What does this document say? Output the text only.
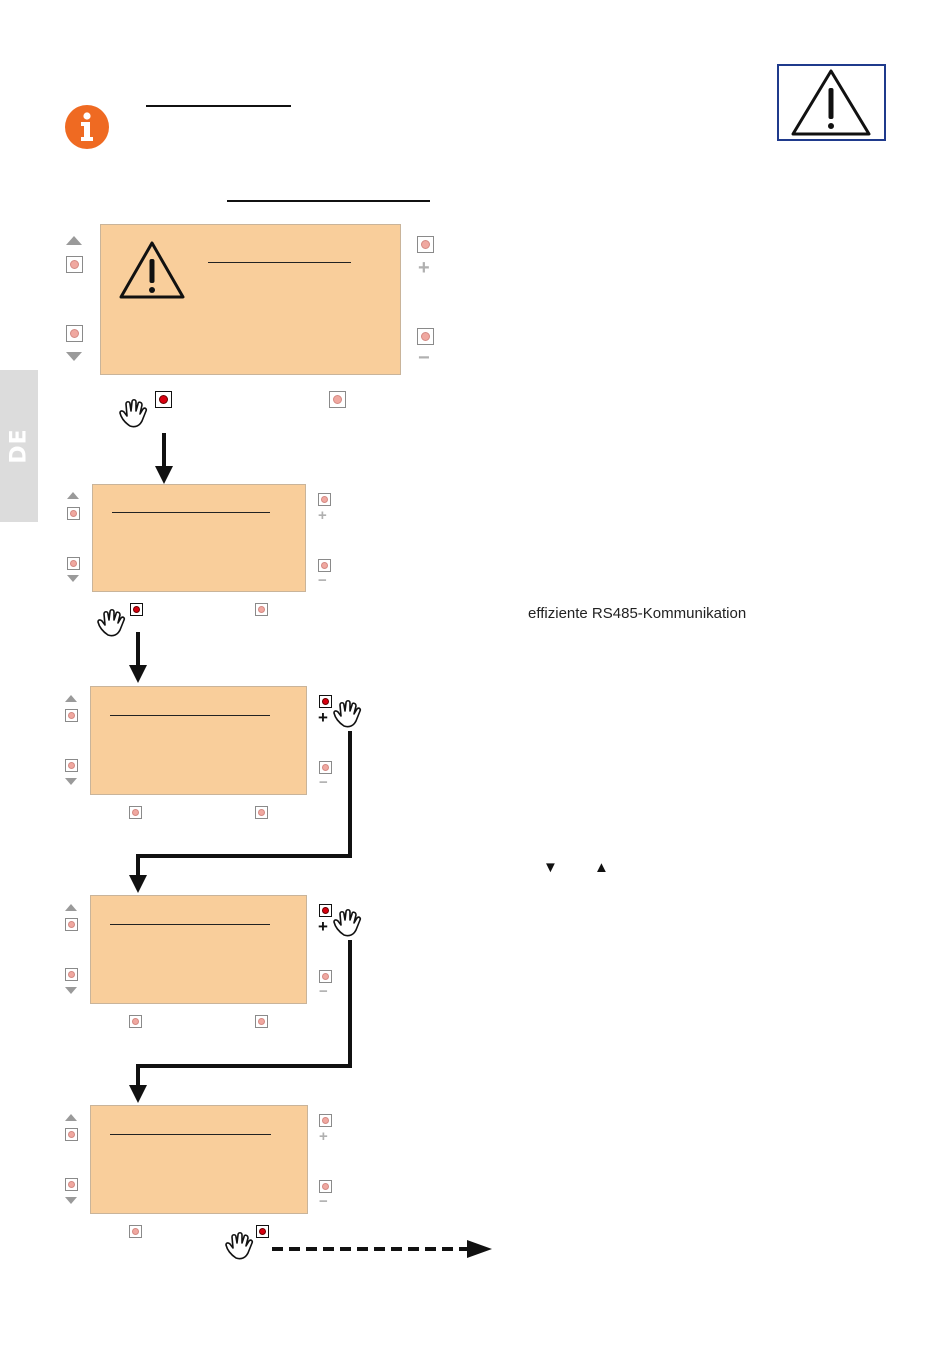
DE
+
−
+
−
effiziente RS485-Kommunikation
+
−
▼ ▲
+
−
+
−
